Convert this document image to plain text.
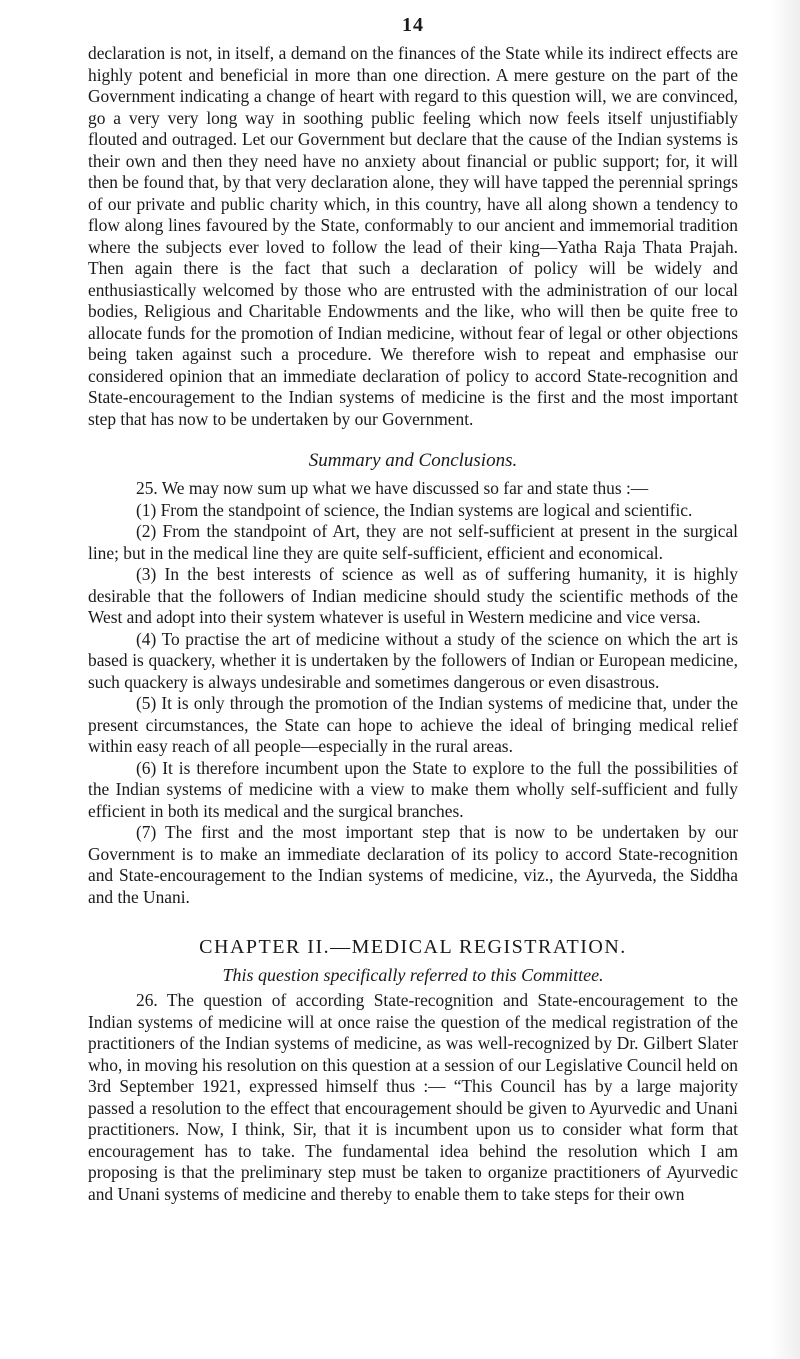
14

declaration is not, in itself, a demand on the finances of the State while its indirect effects are highly potent and beneficial in more than one direction. A mere gesture on the part of the Government indicating a change of heart with regard to this question will, we are convinced, go a very very long way in soothing public feeling which now feels itself unjustifiably flouted and outraged. Let our Government but declare that the cause of the Indian systems is their own and then they need have no anxiety about financial or public support; for, it will then be found that, by that very declaration alone, they will have tapped the perennial springs of our private and public charity which, in this country, have all along shown a tendency to flow along lines favoured by the State, conformably to our ancient and immemorial tradition where the subjects ever loved to follow the lead of their king—Yatha Raja Thata Prajah. Then again there is the fact that such a declaration of policy will be widely and enthusiastically welcomed by those who are entrusted with the administration of our local bodies, Religious and Charitable Endowments and the like, who will then be quite free to allocate funds for the promotion of Indian medicine, without fear of legal or other objections being taken against such a procedure. We therefore wish to repeat and emphasise our considered opinion that an immediate declaration of policy to accord State-recognition and State-encouragement to the Indian systems of medicine is the first and the most important step that has now to be undertaken by our Government.

Summary and Conclusions.

25. We may now sum up what we have discussed so far and state thus :—

(1) From the standpoint of science, the Indian systems are logical and scientific.

(2) From the standpoint of Art, they are not self-sufficient at present in the surgical line; but in the medical line they are quite self-sufficient, efficient and economical.

(3) In the best interests of science as well as of suffering humanity, it is highly desirable that the followers of Indian medicine should study the scientific methods of the West and adopt into their system whatever is useful in Western medicine and vice versa.

(4) To practise the art of medicine without a study of the science on which the art is based is quackery, whether it is undertaken by the followers of Indian or European medicine, such quackery is always undesirable and sometimes dangerous or even disastrous.

(5) It is only through the promotion of the Indian systems of medicine that, under the present circumstances, the State can hope to achieve the ideal of bringing medical relief within easy reach of all people—especially in the rural areas.

(6) It is therefore incumbent upon the State to explore to the full the possibilities of the Indian systems of medicine with a view to make them wholly self-sufficient and fully efficient in both its medical and the surgical branches.

(7) The first and the most important step that is now to be undertaken by our Government is to make an immediate declaration of its policy to accord State-recognition and State-encouragement to the Indian systems of medicine, viz., the Ayurveda, the Siddha and the Unani.

CHAPTER II.—MEDICAL REGISTRATION.
This question specifically referred to this Committee.

26. The question of according State-recognition and State-encouragement to the Indian systems of medicine will at once raise the question of the medical registration of the practitioners of the Indian systems of medicine, as was well-recognized by Dr. Gilbert Slater who, in moving his resolution on this question at a session of our Legislative Council held on 3rd September 1921, expressed himself thus :— “This Council has by a large majority passed a resolution to the effect that encouragement should be given to Ayurvedic and Unani practitioners. Now, I think, Sir, that it is incumbent upon us to consider what form that encouragement has to take. The fundamental idea behind the resolution which I am proposing is that the preliminary step must be taken to organize practitioners of Ayurvedic and Unani systems of medicine and thereby to enable them to take steps for their own
